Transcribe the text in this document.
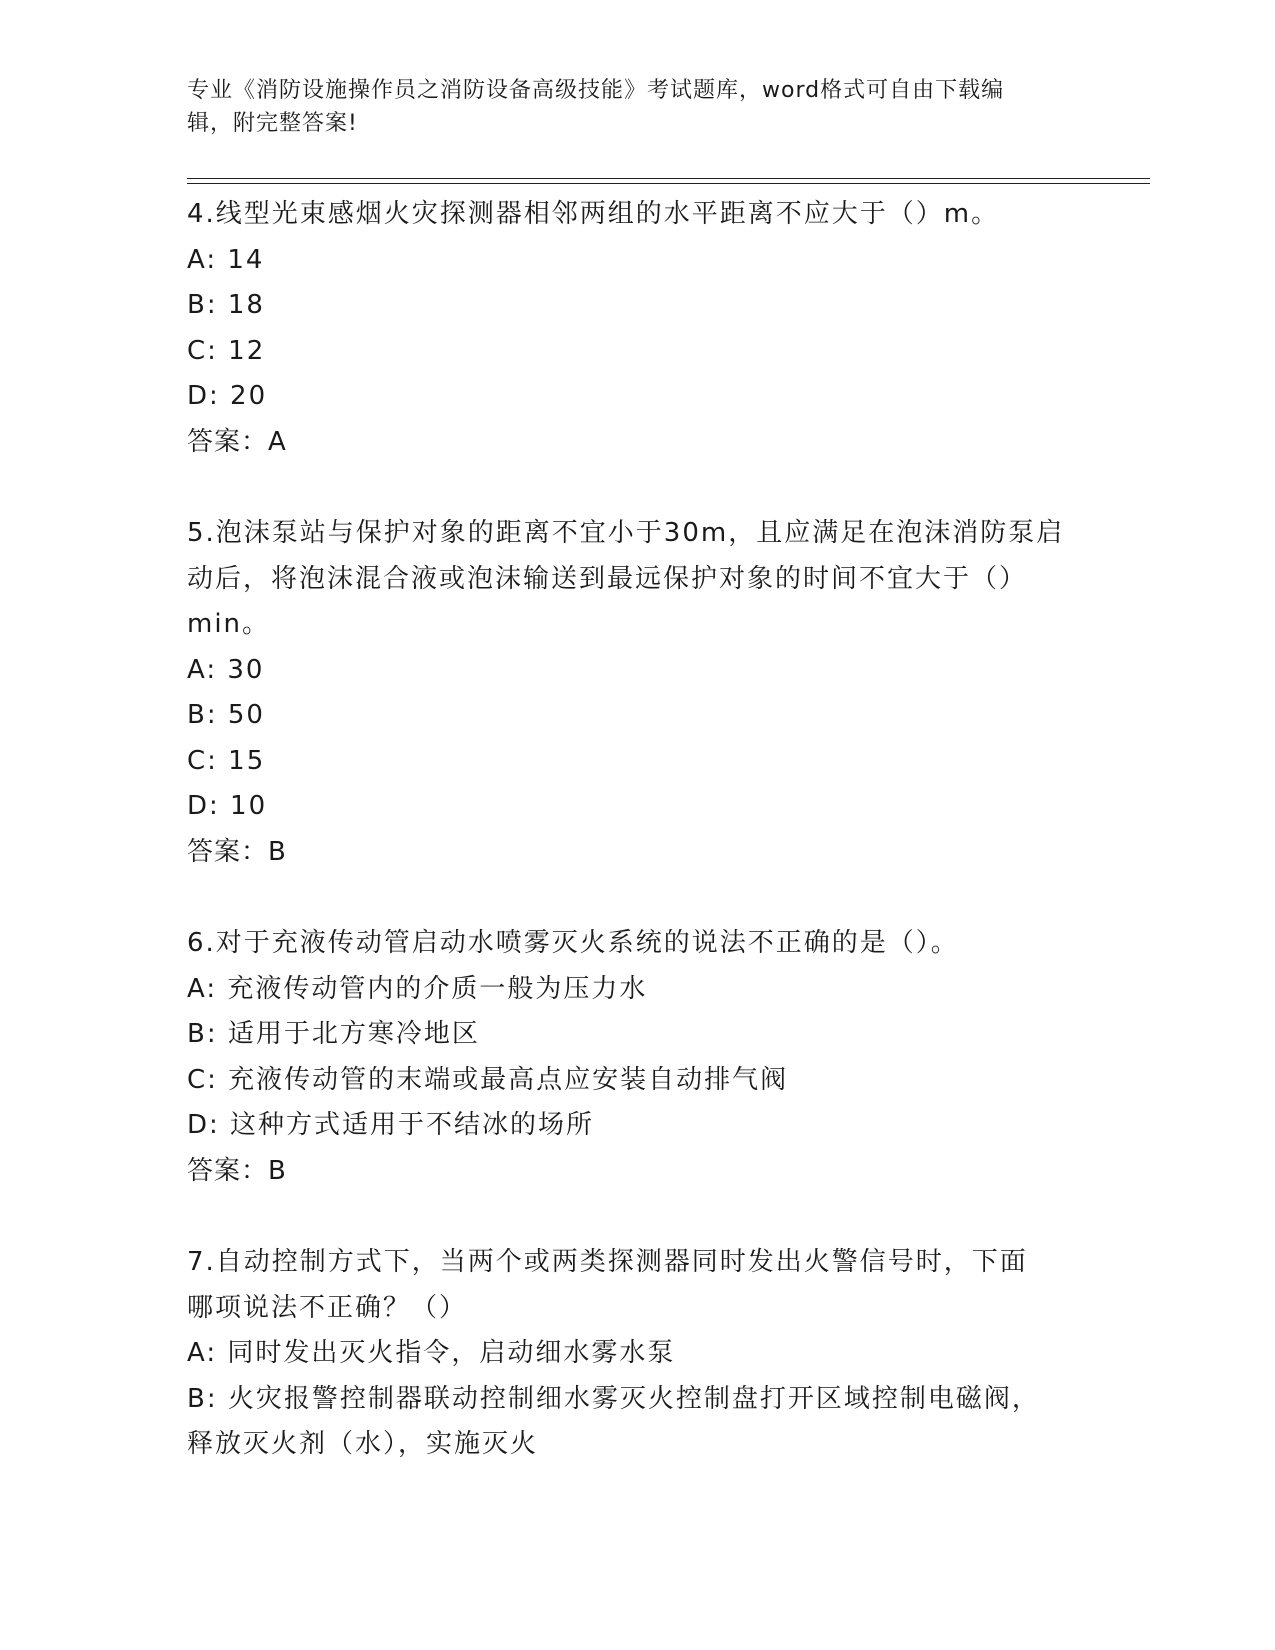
专业《消防设施操作员之消防设备高级技能》考试题库，word格式可自由下载编
辑，附完整答案!
4.线型光束感烟火灾探测器相邻两组的水平距离不应大于（）m。
A: 14
B: 18
C: 12
D: 20
答案：A
5.泡沫泵站与保护对象的距离不宜小于30m，且应满足在泡沫消防泵启
动后，将泡沫混合液或泡沫输送到最远保护对象的时间不宜大于（）
min。
A: 30
B: 50
C: 15
D: 10
答案：B
6.对于充液传动管启动水喷雾灭火系统的说法不正确的是（）。
A: 充液传动管内的介质一般为压力水
B: 适用于北方寒冷地区
C: 充液传动管的末端或最高点应安装自动排气阀
D: 这种方式适用于不结冰的场所
答案：B
7.自动控制方式下，当两个或两类探测器同时发出火警信号时，下面
哪项说法不正确？（）
A: 同时发出灭火指令，启动细水雾水泵
B: 火灾报警控制器联动控制细水雾灭火控制盘打开区域控制电磁阀，
释放灭火剂（水），实施灭火
